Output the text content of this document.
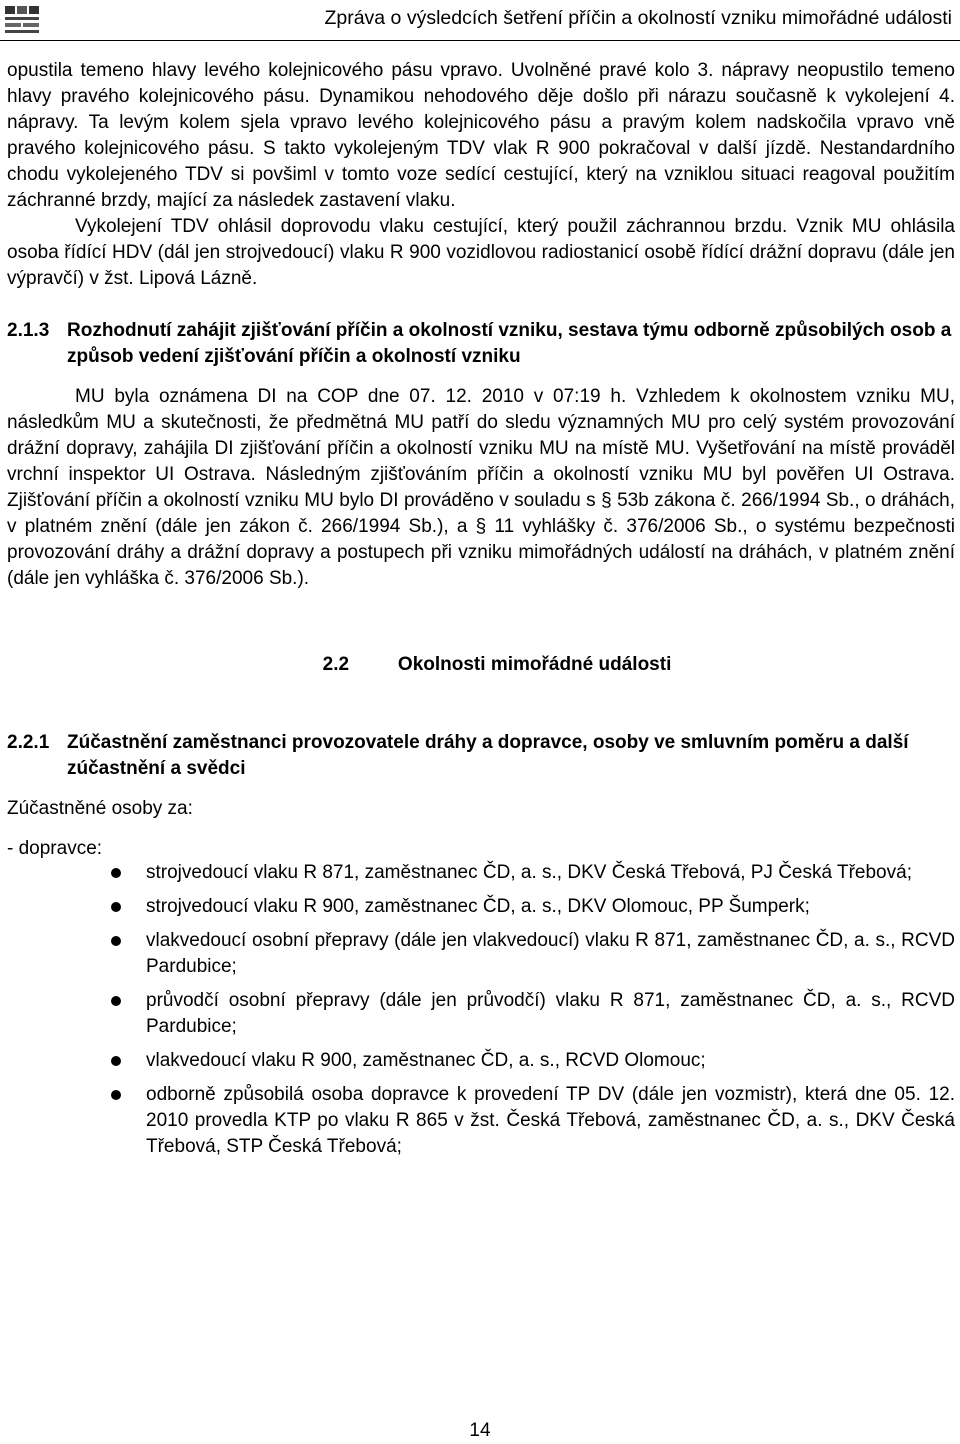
Zpráva o výsledcích šetření příčin a okolností vzniku mimořádné události

opustila temeno hlavy levého kolejnicového pásu vpravo. Uvolněné pravé kolo 3. nápravy neopustilo temeno hlavy pravého kolejnicového pásu. Dynamikou nehodového děje došlo při nárazu současně k vykolejení 4. nápravy. Ta levým kolem sjela vpravo levého kolejnicového pásu a pravým kolem nadskočila vpravo vně pravého kolejnicového pásu. S takto vykolejeným TDV vlak R 900 pokračoval v další jízdě. Nestandardního chodu vykolejeného TDV si povšiml v tomto voze sedící cestující, který na vzniklou situaci reagoval použitím záchranné brzdy, mající za následek zastavení vlaku.

Vykolejení TDV ohlásil doprovodu vlaku cestující, který použil záchrannou brzdu. Vznik MU ohlásila osoba řídící HDV (dál jen strojvedoucí) vlaku R 900 vozidlovou radiostanicí osobě řídící drážní dopravu (dále jen výpravčí) v žst. Lipová Lázně.

2.1.3 Rozhodnutí zahájit zjišťování příčin a okolností vzniku, sestava týmu odborně způsobilých osob a způsob vedení zjišťování příčin a okolností vzniku

MU byla oznámena DI na COP dne 07. 12. 2010 v 07:19 h. Vzhledem k okolnostem vzniku MU, následkům MU a skutečnosti, že předmětná MU patří do sledu významných MU pro celý systém provozování drážní dopravy, zahájila DI zjišťování příčin a okolností vzniku MU na místě MU. Vyšetřování na místě prováděl vrchní inspektor UI Ostrava. Následným zjišťováním příčin a okolností vzniku MU byl pověřen UI Ostrava. Zjišťování příčin a okolností vzniku MU bylo DI prováděno v souladu s § 53b zákona č. 266/1994 Sb., o dráhách, v platném znění (dále jen zákon č. 266/1994 Sb.), a § 11 vyhlášky č. 376/2006 Sb., o systému bezpečnosti provozování dráhy a drážní dopravy a postupech při vzniku mimořádných událostí na dráhách, v platném znění (dále jen vyhláška č. 376/2006 Sb.).

2.2	Okolnosti mimořádné události
2.2.1 Zúčastnění zaměstnanci provozovatele dráhy a dopravce, osoby ve smluvním poměru a další zúčastnění a svědci

Zúčastněné osoby za:

- dopravce:

strojvedoucí vlaku R 871, zaměstnanec ČD, a. s., DKV Česká Třebová, PJ Česká Třebová;
strojvedoucí vlaku R 900, zaměstnanec ČD, a. s., DKV Olomouc, PP Šumperk;
vlakvedoucí osobní přepravy (dále jen vlakvedoucí) vlaku R 871, zaměstnanec ČD, a. s., RCVD Pardubice;
průvodčí osobní přepravy (dále jen průvodčí) vlaku R 871, zaměstnanec ČD, a. s., RCVD Pardubice;
vlakvedoucí vlaku R 900, zaměstnanec ČD, a. s., RCVD Olomouc;
odborně způsobilá osoba dopravce k provedení TP DV (dále jen vozmistr), která dne 05. 12. 2010 provedla KTP po vlaku R 865 v žst. Česká Třebová, zaměstnanec ČD, a. s., DKV Česká Třebová, STP Česká Třebová;
14
